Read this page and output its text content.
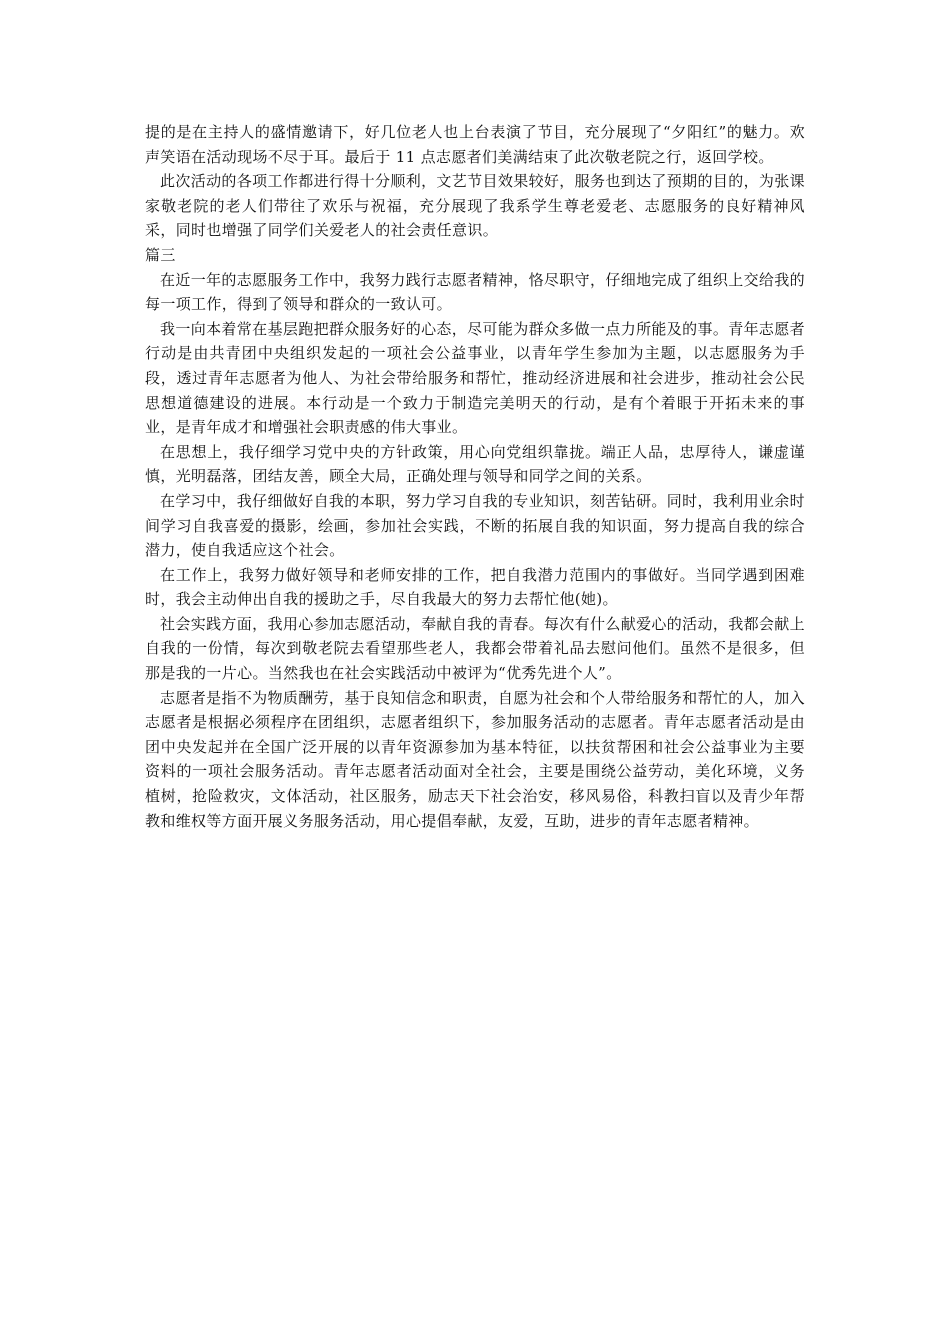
提的是在主持人的盛情邀请下，好几位老人也上台表演了节目，充分展现了“夕阳红”的魅力。欢声笑语在活动现场不尽于耳。最后于 11 点志愿者们美满结束了此次敬老院之行，返回学校。

此次活动的各项工作都进行得十分顺利，文艺节目效果较好，服务也到达了预期的目的，为张课家敬老院的老人们带往了欢乐与祝福，充分展现了我系学生尊老爱老、志愿服务的良好精神风采，同时也增强了同学们关爱老人的社会责任意识。

篇三

在近一年的志愿服务工作中，我努力践行志愿者精神，恪尽职守，仔细地完成了组织上交给我的每一项工作，得到了领导和群众的一致认可。

我一向本着常在基层跑把群众服务好的心态，尽可能为群众多做一点力所能及的事。青年志愿者行动是由共青团中央组织发起的一项社会公益事业，以青年学生参加为主题，以志愿服务为手段，透过青年志愿者为他人、为社会带给服务和帮忙，推动经济进展和社会进步，推动社会公民思想道德建设的进展。本行动是一个致力于制造完美明天的行动，是有个着眼于开拓未来的事业，是青年成才和增强社会职责感的伟大事业。

在思想上，我仔细学习党中央的方针政策，用心向党组织靠拢。端正人品，忠厚待人，谦虚谨慎，光明磊落，团结友善，顾全大局，正确处理与领导和同学之间的关系。

在学习中，我仔细做好自我的本职，努力学习自我的专业知识，刻苦钻研。同时，我利用业余时间学习自我喜爱的摄影，绘画，参加社会实践，不断的拓展自我的知识面，努力提高自我的综合潜力，使自我适应这个社会。

在工作上，我努力做好领导和老师安排的工作，把自我潜力范围内的事做好。当同学遇到困难时，我会主动伸出自我的援助之手，尽自我最大的努力去帮忙他(她)。

社会实践方面，我用心参加志愿活动，奉献自我的青春。每次有什么献爱心的活动，我都会献上自我的一份情，每次到敬老院去看望那些老人，我都会带着礼品去慰问他们。虽然不是很多，但那是我的一片心。当然我也在社会实践活动中被评为“优秀先进个人”。

志愿者是指不为物质酬劳，基于良知信念和职责，自愿为社会和个人带给服务和帮忙的人，加入志愿者是根据必须程序在团组织，志愿者组织下，参加服务活动的志愿者。青年志愿者活动是由团中央发起并在全国广泛开展的以青年资源参加为基本特征，以扶贫帮困和社会公益事业为主要资料的一项社会服务活动。青年志愿者活动面对全社会，主要是围绕公益劳动，美化环境，义务植树，抢险救灾，文体活动，社区服务，励志天下社会治安，移风易俗，科教扫盲以及青少年帮教和维权等方面开展义务服务活动，用心提倡奉献，友爱，互助，进步的青年志愿者精神。
